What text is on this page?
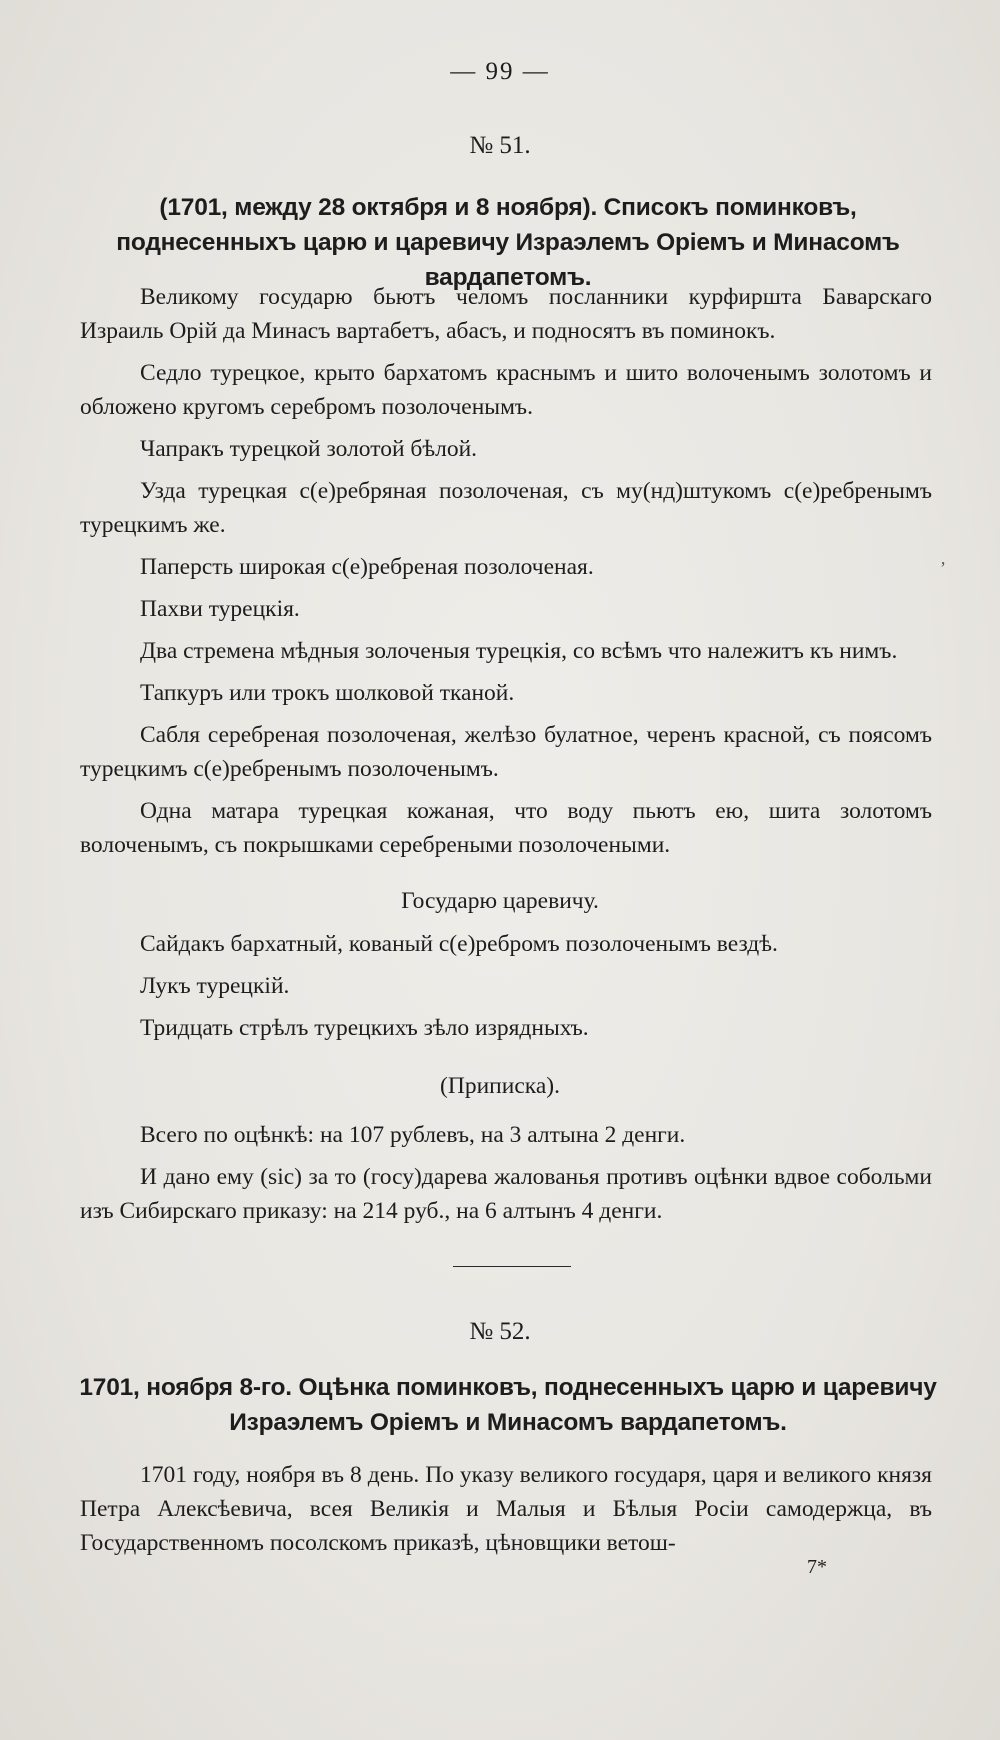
— 99 —
№ 51.
(1701, между 28 октября и 8 ноября). Списокъ поминковъ, поднесенныхъ царю и царевичу Израэлемъ Оріемъ и Минасомъ вардапетомъ.

Великому государю бьютъ челомъ посланники курфиршта Баварскаго Израиль Орiй да Минасъ вартабетъ, абасъ, и подносятъ въ поминокъ.

Седло турецкое, крыто бархатомъ краснымъ и шито волоченымъ золотомъ и обложено кругомъ серебромъ позолоченымъ.

Чапракъ турецкой золотой бѣлой.

Узда турецкая с(е)ребряная позолоченая, съ му(нд)штукомъ с(е)ребренымъ турецкимъ же.

Паперсть широкая с(е)ребреная позолоченая.

Пахви турецкія.

Два стремена мѣдныя золоченыя турецкія, со всѣмъ что належитъ къ нимъ.

Тапкуръ или трокъ шолковой тканой.

Сабля серебреная позолоченая, желѣзо булатное, черенъ красной, съ поясомъ турецкимъ с(е)ребренымъ позолоченымъ.

Одна матара турецкая кожаная, что воду пьютъ ею, шита золотомъ волоченымъ, съ покрышками серебреными позолочеными.

Государю царевичу.

Сайдакъ бархатный, кованый с(е)ребромъ позолоченымъ вездѣ.

Лукъ турецкiй.

Тридцать стрѣлъ турецкихъ зѣло изрядныхъ.

(Приписка).

Всего по оцѣнкѣ: на 107 рублевъ, на 3 алтына 2 денги.

И дано ему (sic) за то (госу)дарева жалованья противъ оцѣнки вдвое собольми изъ Сибирскаго приказу: на 214 руб., на 6 алтынъ 4 денги.

№ 52.
1701, ноября 8-го. Оцѣнка поминковъ, поднесенныхъ царю и царевичу Израэлемъ Оріемъ и Минасомъ вардапетомъ.

1701 году, ноября въ 8 день. По указу великого государя, царя и великого князя Петра Алексѣевича, всея Великія и Малыя и Бѣлыя Росіи самодержца, въ Государственномъ посолскомъ приказѣ, цѣновщики ветош-

7*
‚
